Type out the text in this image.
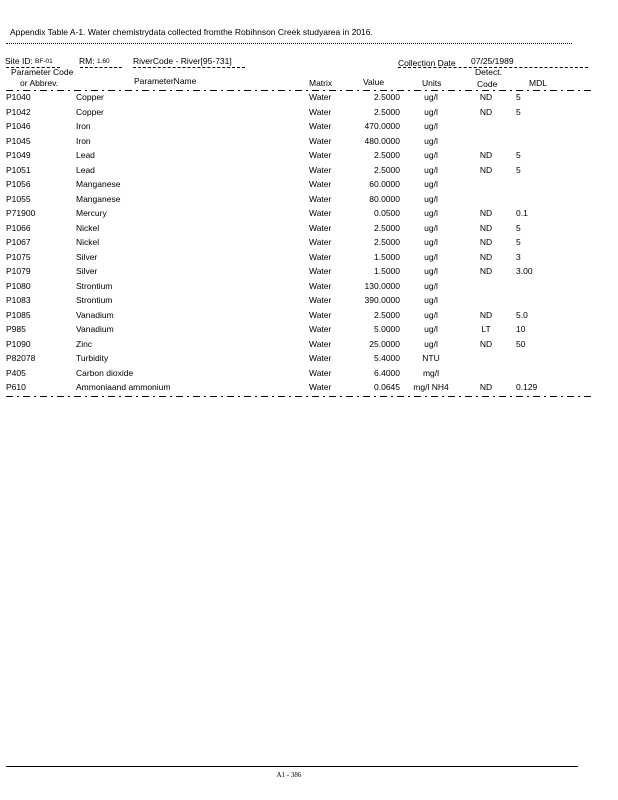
Appendix Table A-1. Water chemistrydata collected fromthe Robihnson Creek studyarea in 2016.
Site ID: BF-01	RM: 1.60	RiverCode - River[95-731]	Collection Date 07/25/1989
Parameter Code
or Abbrev.	ParameterName	Matrix	Value	Units
Detect.
Code	MDL
P1040	Copper	Water	2.5000	ug/l	ND	5
P1042	Copper	Water	2.5000	ug/l	ND	5
P1046	Iron	Water	470.0000	ug/l
P1045	Iron	Water	480.0000	ug/l
P1049	Lead	Water	2.5000	ug/l	ND	5
P1051	Lead	Water	2.5000	ug/l	ND	5
P1056	Manganese	Water	60.0000	ug/l
P1055	Manganese	Water	80.0000	ug/l
P71900	Mercury	Water	0.0500	ug/l	ND	0.1
P1066	Nickel	Water	2.5000	ug/l	ND	5
P1067	Nickel	Water	2.5000	ug/l	ND	5
P1075	Silver	Water	1.5000	ug/l	ND	3
P1079	Silver	Water	1.5000	ug/l	ND	3.00
P1080	Strontium	Water	130.0000	ug/l
P1083	Strontium	Water	390.0000	ug/l
P1085	Vanadium	Water	2.5000	ug/l	ND	5.0
P985	Vanadium	Water	5.0000	ug/l	LT	10
P1090	Zinc	Water	25.0000	ug/l	ND	50
P82078	Turbidity	Water	5.4000	NTU
P405	Carbon dioxide	Water	6.4000	mg/l
P610	Ammoniaand ammonium	Water	0.0645 mg/l NH4	ND	0.129
A1 - 386
